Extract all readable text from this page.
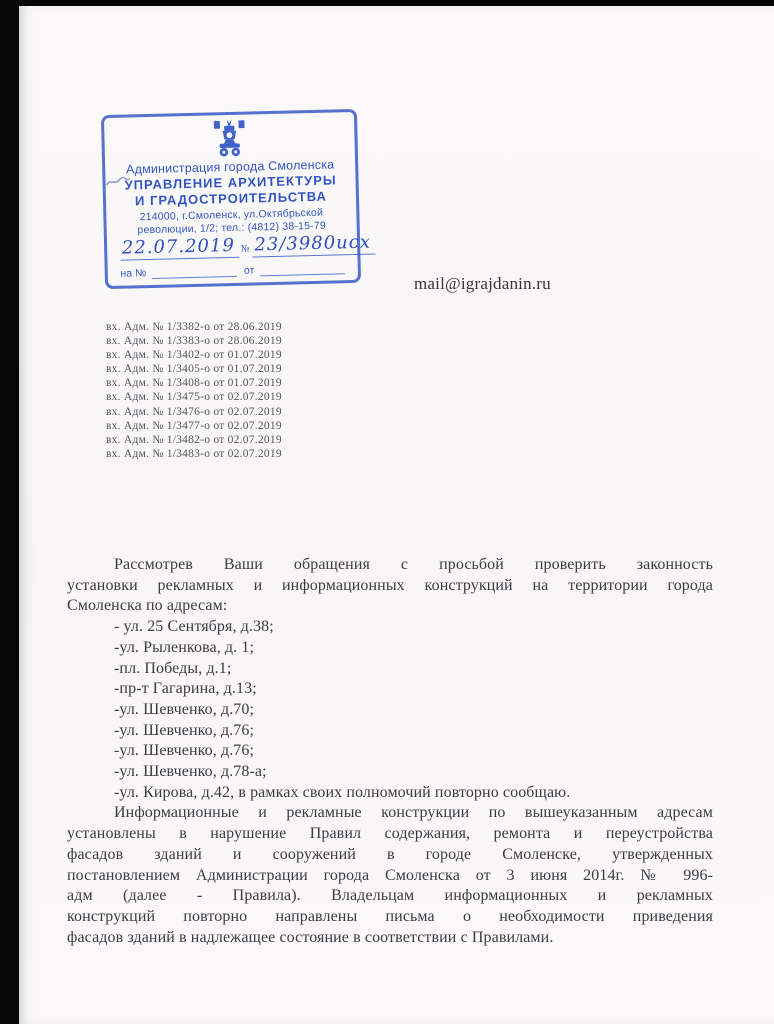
Администрация города Смоленска
УПРАВЛЕНИЕ АРХИТЕКТУРЫ
И ГРАДОСТРОИТЕЛЬСТВА
214000, г.Смоленск, ул.Октябрьской
революции, 1/2; тел.: (4812) 38-15-79
22.07.2019 № 23/3980исх
на №	от
mail@igrajdanin.ru
вх. Адм. № 1/3382-о от 28.06.2019
вх. Адм. № 1/3383-о от 28.06.2019
вх. Адм. № 1/3402-о от 01.07.2019
вх. Адм. № 1/3405-о от 01.07.2019
вх. Адм. № 1/3408-о от 01.07.2019
вх. Адм. № 1/3475-о от 02.07.2019
вх. Адм. № 1/3476-о от 02.07.2019
вх. Адм. № 1/3477-о от 02.07.2019
вх. Адм. № 1/3482-о от 02.07.2019
вх. Адм. № 1/3483-о от 02.07.2019
Рассмотрев Ваши обращения с просьбой проверить законность
установки рекламных и информационных конструкций на территории города
Смоленска по адресам:
- ул. 25 Сентября, д.38;
-ул. Рыленкова, д. 1;
-пл. Победы, д.1;
-пр-т Гагарина, д.13;
-ул. Шевченко, д.70;
-ул. Шевченко, д.76;
-ул. Шевченко, д.76;
-ул. Шевченко, д.78-а;
-ул. Кирова, д.42, в рамках своих полномочий повторно сообщаю.
Информационные и рекламные конструкции по вышеуказанным адресам
установлены в нарушение Правил содержания, ремонта и переустройства
фасадов зданий и сооружений в городе Смоленске, утвержденных
постановлением Администрации города Смоленска от 3 июня 2014г. № 996-
адм (далее - Правила). Владельцам информационных и рекламных
конструкций повторно направлены письма о необходимости приведения
фасадов зданий в надлежащее состояние в соответствии с Правилами.
